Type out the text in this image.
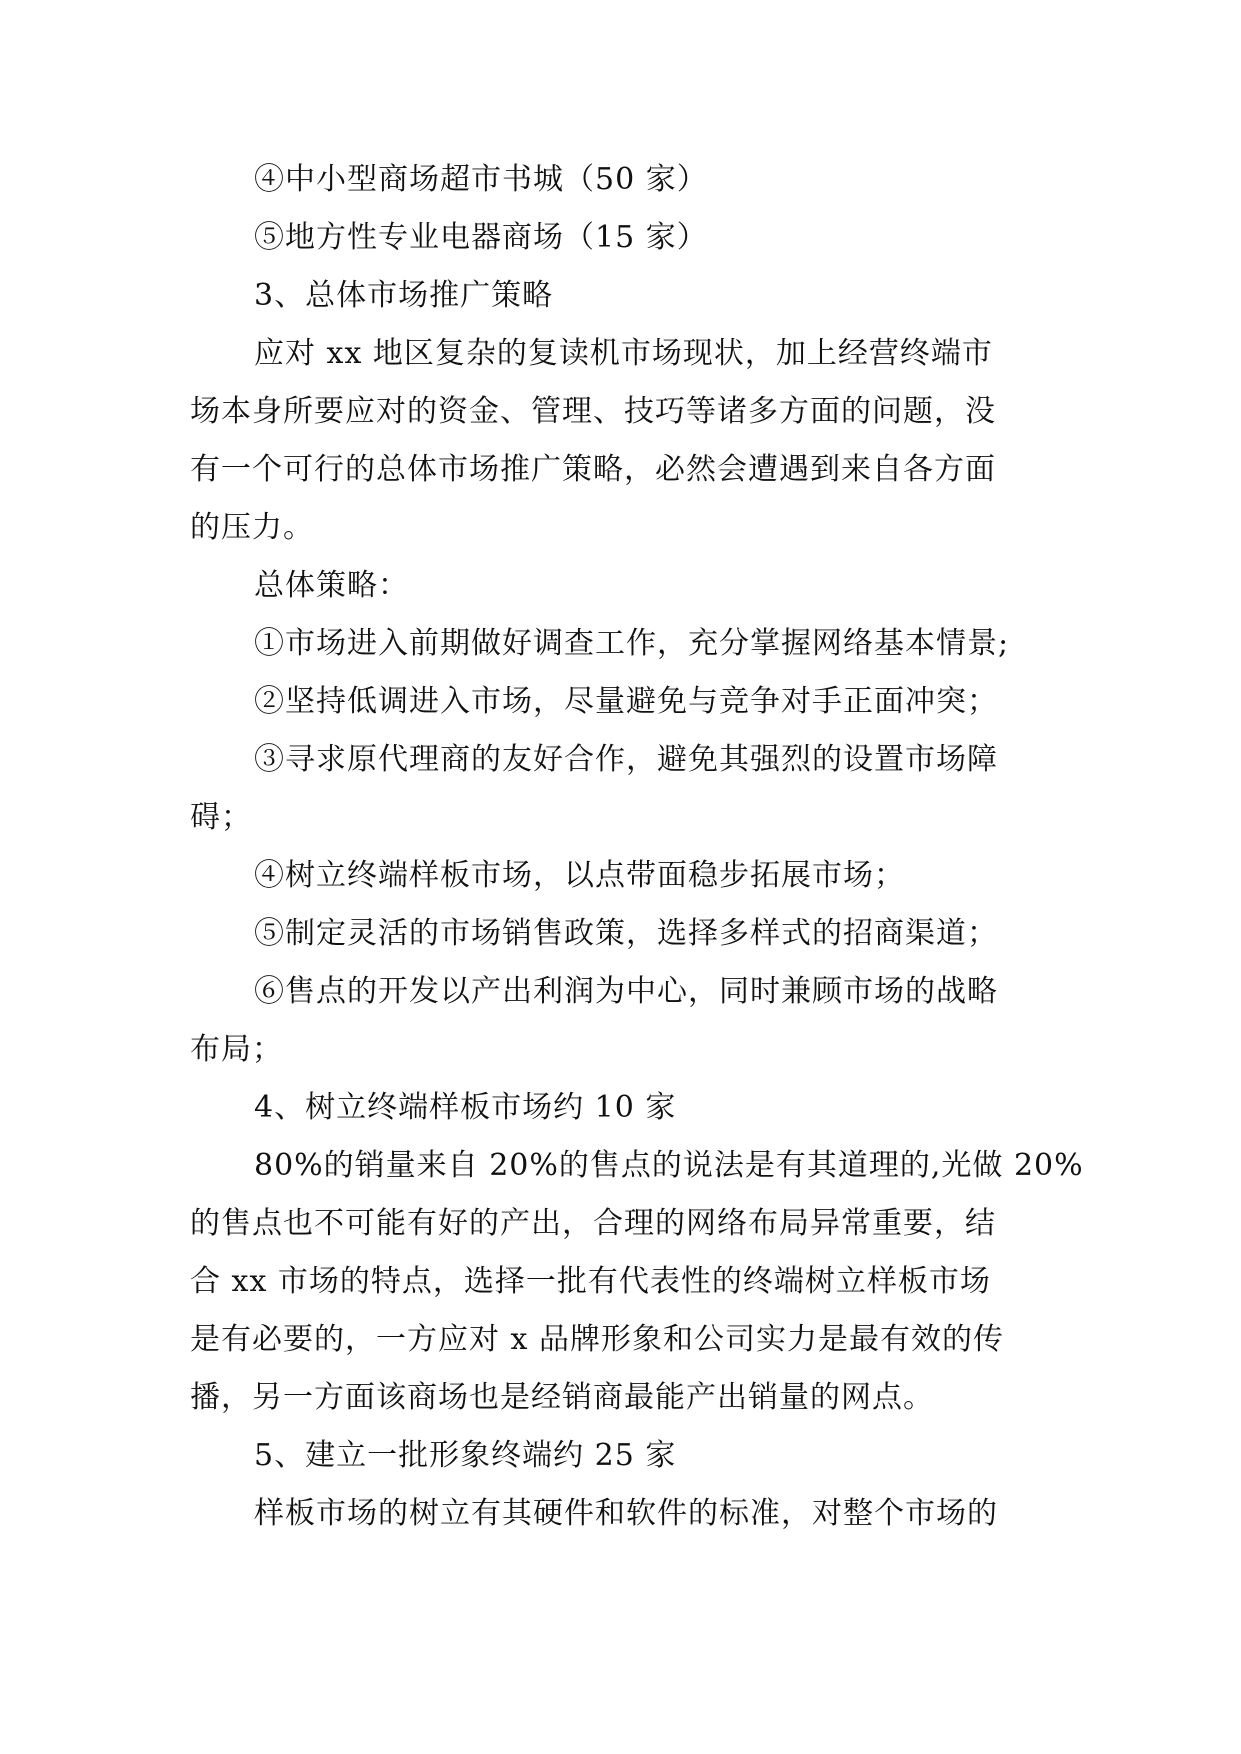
④中小型商场超市书城（50 家）

⑤地方性专业电器商场（15 家）

3、总体市场推广策略

应对 xx 地区复杂的复读机市场现状，加上经营终端市

场本身所要应对的资金、管理、技巧等诸多方面的问题，没

有一个可行的总体市场推广策略，必然会遭遇到来自各方面

的压力。

总体策略：

①市场进入前期做好调查工作，充分掌握网络基本情景;

②坚持低调进入市场，尽量避免与竞争对手正面冲突；

③寻求原代理商的友好合作，避免其强烈的设置市场障

碍；

④树立终端样板市场，以点带面稳步拓展市场；

⑤制定灵活的市场销售政策，选择多样式的招商渠道；

⑥售点的开发以产出利润为中心，同时兼顾市场的战略

布局；

4、树立终端样板市场约 10 家

80%的销量来自 20%的售点的说法是有其道理的,光做 20%

的售点也不可能有好的产出，合理的网络布局异常重要，结

合 xx 市场的特点，选择一批有代表性的终端树立样板市场

是有必要的，一方应对 x 品牌形象和公司实力是最有效的传

播，另一方面该商场也是经销商最能产出销量的网点。

5、建立一批形象终端约 25 家

样板市场的树立有其硬件和软件的标准，对整个市场的
